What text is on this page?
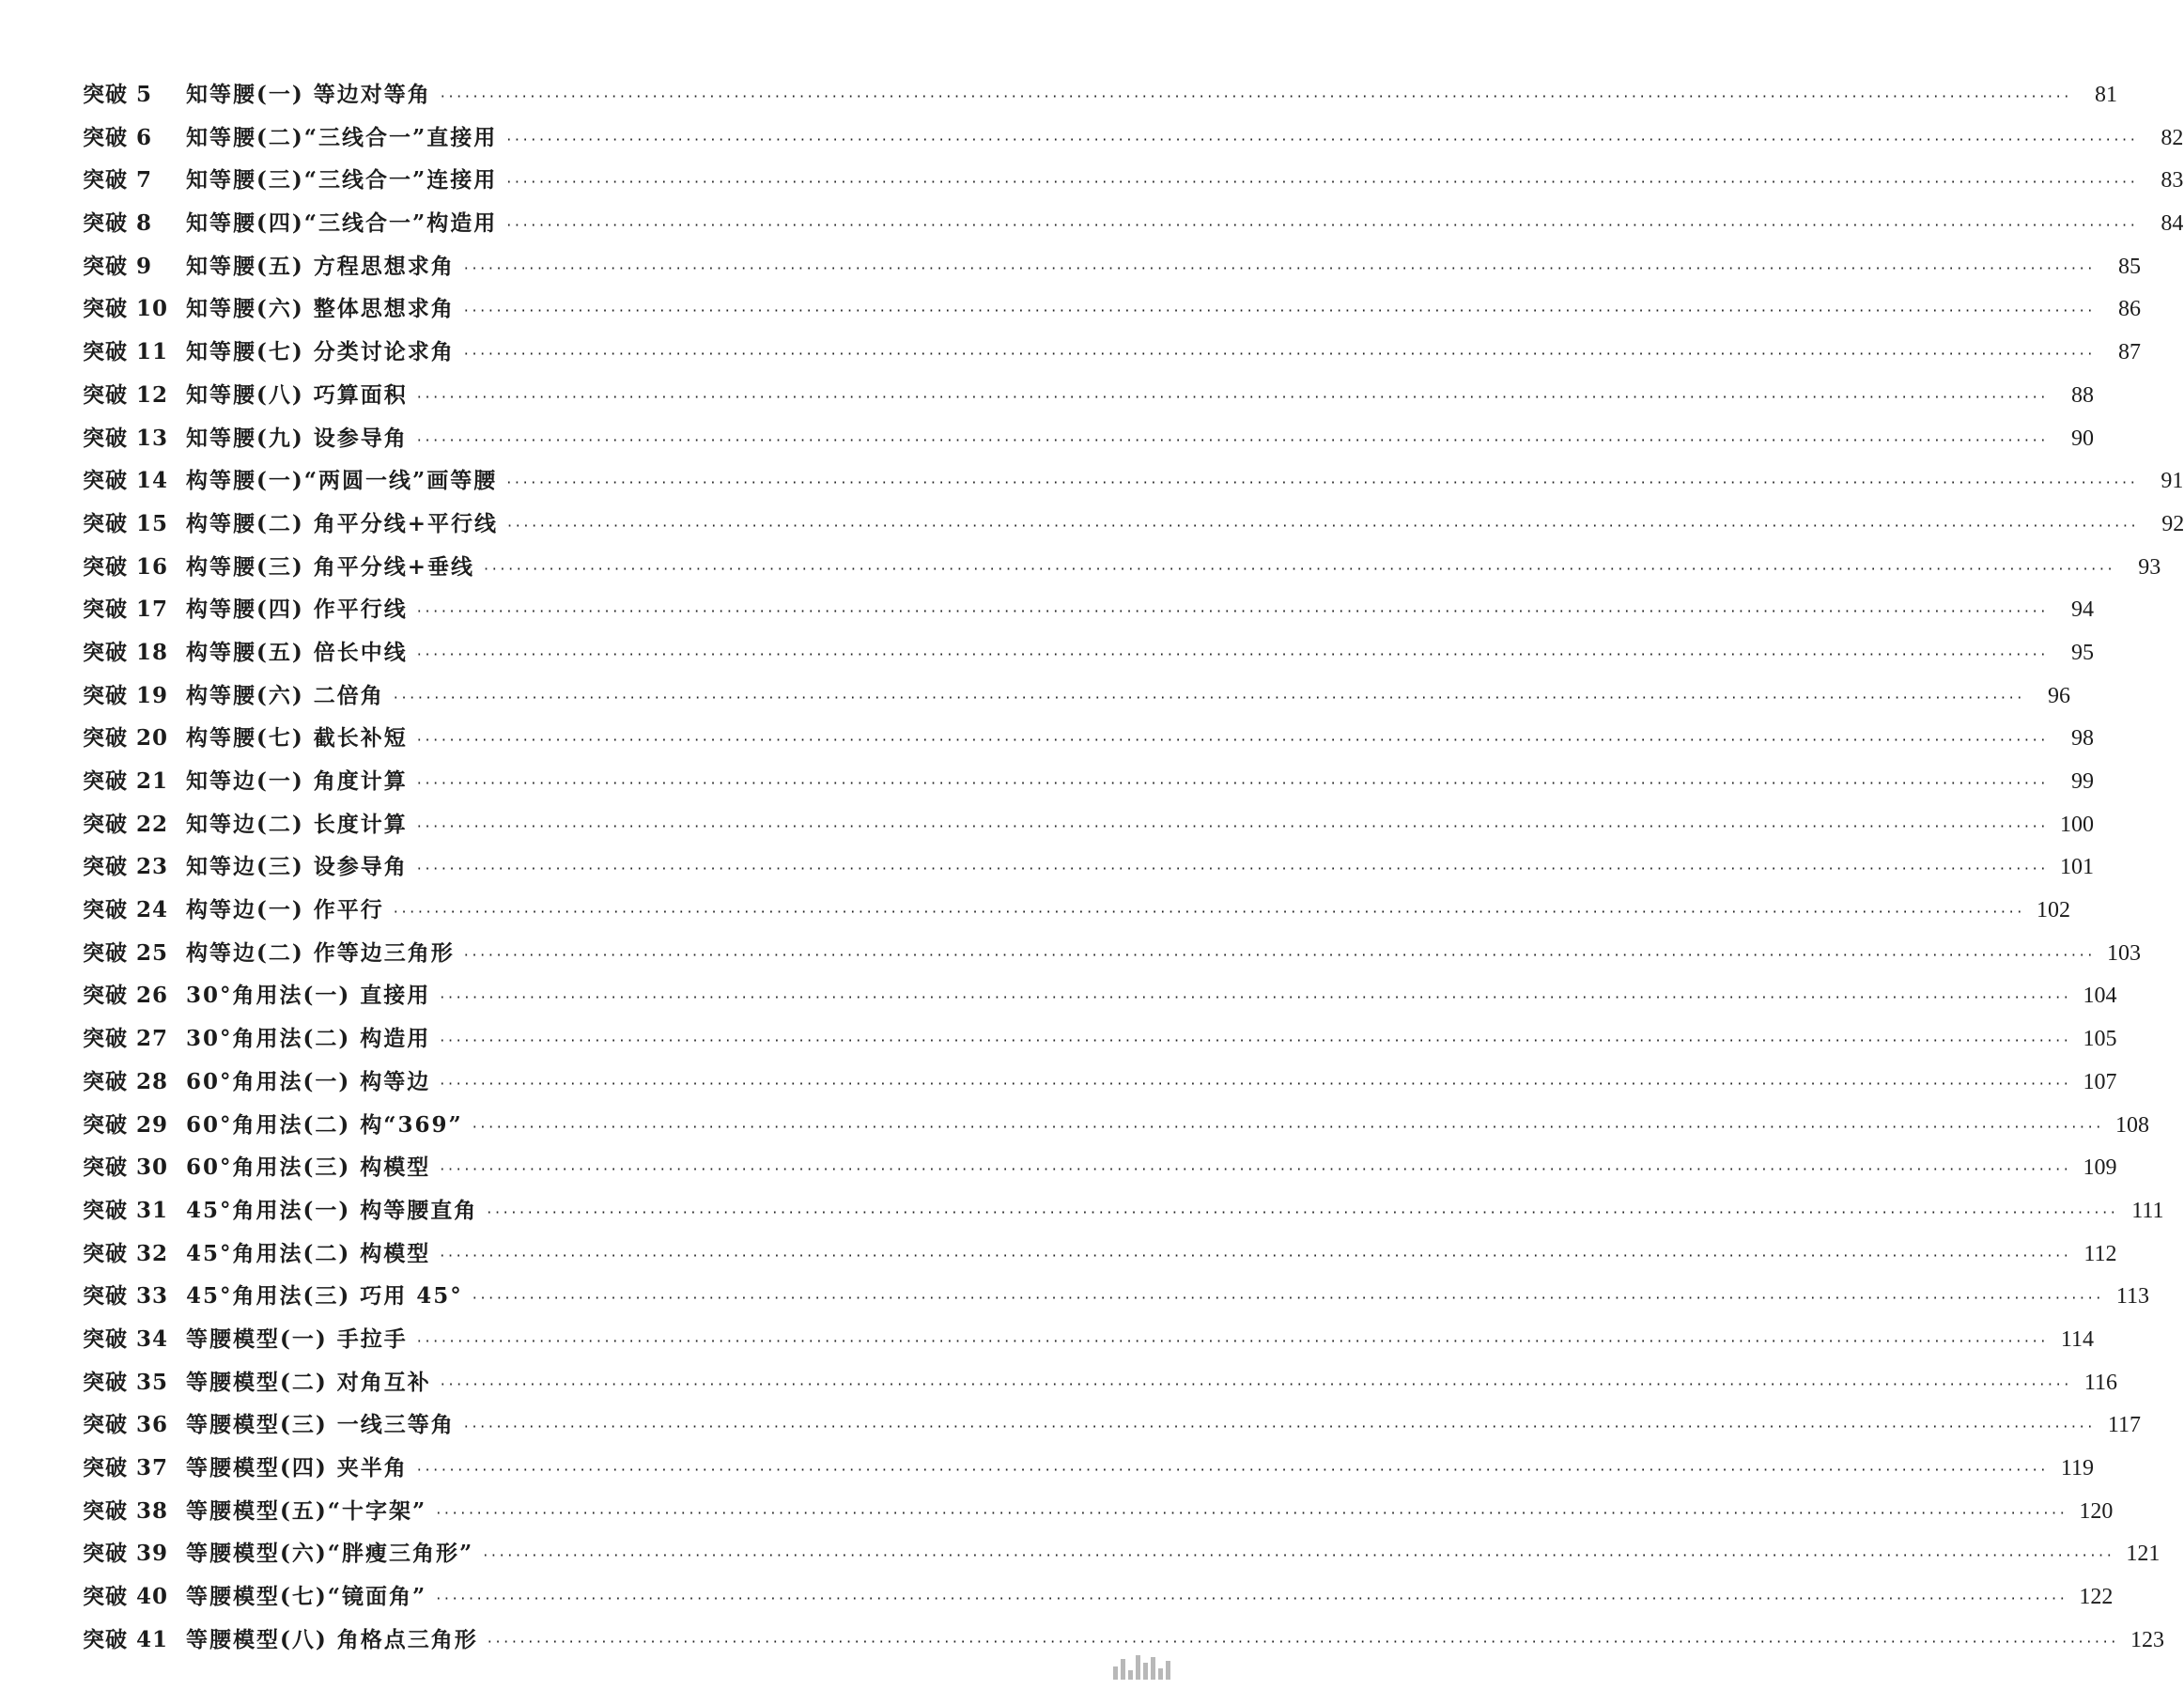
突破 5	知等腰(一) 等边对等角 ········································································································································································································	81
突破 6	知等腰(二)“三线合一”直接用 ········································································································································································································	82
突破 7	知等腰(三)“三线合一”连接用 ········································································································································································································	83
突破 8	知等腰(四)“三线合一”构造用 ········································································································································································································	84
突破 9	知等腰(五) 方程思想求角 ········································································································································································································	85
突破 10 知等腰(六) 整体思想求角 ········································································································································································································	86
突破 11 知等腰(七) 分类讨论求角 ········································································································································································································	87
突破 12 知等腰(八) 巧算面积 ········································································································································································································	88
突破 13 知等腰(九) 设参导角 ········································································································································································································	90
突破 14 构等腰(一)“两圆一线”画等腰 ········································································································································································································	91
突破 15 构等腰(二) 角平分线+平行线 ········································································································································································································	92
突破 16 构等腰(三) 角平分线+垂线 ········································································································································································································	93
突破 17 构等腰(四) 作平行线 ········································································································································································································	94
突破 18 构等腰(五) 倍长中线 ········································································································································································································	95
突破 19 构等腰(六) 二倍角 ········································································································································································································	96
突破 20 构等腰(七) 截长补短 ········································································································································································································	98
突破 21 知等边(一) 角度计算 ········································································································································································································	99
突破 22 知等边(二) 长度计算 ········································································································································································································ 100
突破 23 知等边(三) 设参导角 ········································································································································································································ 101
突破 24 构等边(一) 作平行 ········································································································································································································ 102
突破 25 构等边(二) 作等边三角形 ········································································································································································································ 103
突破 26 30°角用法(一) 直接用 ········································································································································································································ 104
突破 27 30°角用法(二) 构造用 ········································································································································································································ 105
突破 28 60°角用法(一) 构等边 ········································································································································································································ 107
突破 29 60°角用法(二) 构“369” ········································································································································································································ 108
突破 30 60°角用法(三) 构模型 ········································································································································································································ 109
突破 31 45°角用法(一) 构等腰直角 ········································································································································································································ 111
突破 32 45°角用法(二) 构模型 ········································································································································································································ 112
突破 33 45°角用法(三) 巧用 45° ········································································································································································································ 113
突破 34 等腰模型(一) 手拉手 ········································································································································································································ 114
突破 35 等腰模型(二) 对角互补 ········································································································································································································ 116
突破 36 等腰模型(三) 一线三等角 ········································································································································································································ 117
突破 37 等腰模型(四) 夹半角 ········································································································································································································ 119
突破 38 等腰模型(五)“十字架” ········································································································································································································ 120
突破 39 等腰模型(六)“胖瘦三角形” ········································································································································································································ 121
突破 40 等腰模型(七)“镜面角” ········································································································································································································ 122
突破 41 等腰模型(八) 角格点三角形 ········································································································································································································ 123
